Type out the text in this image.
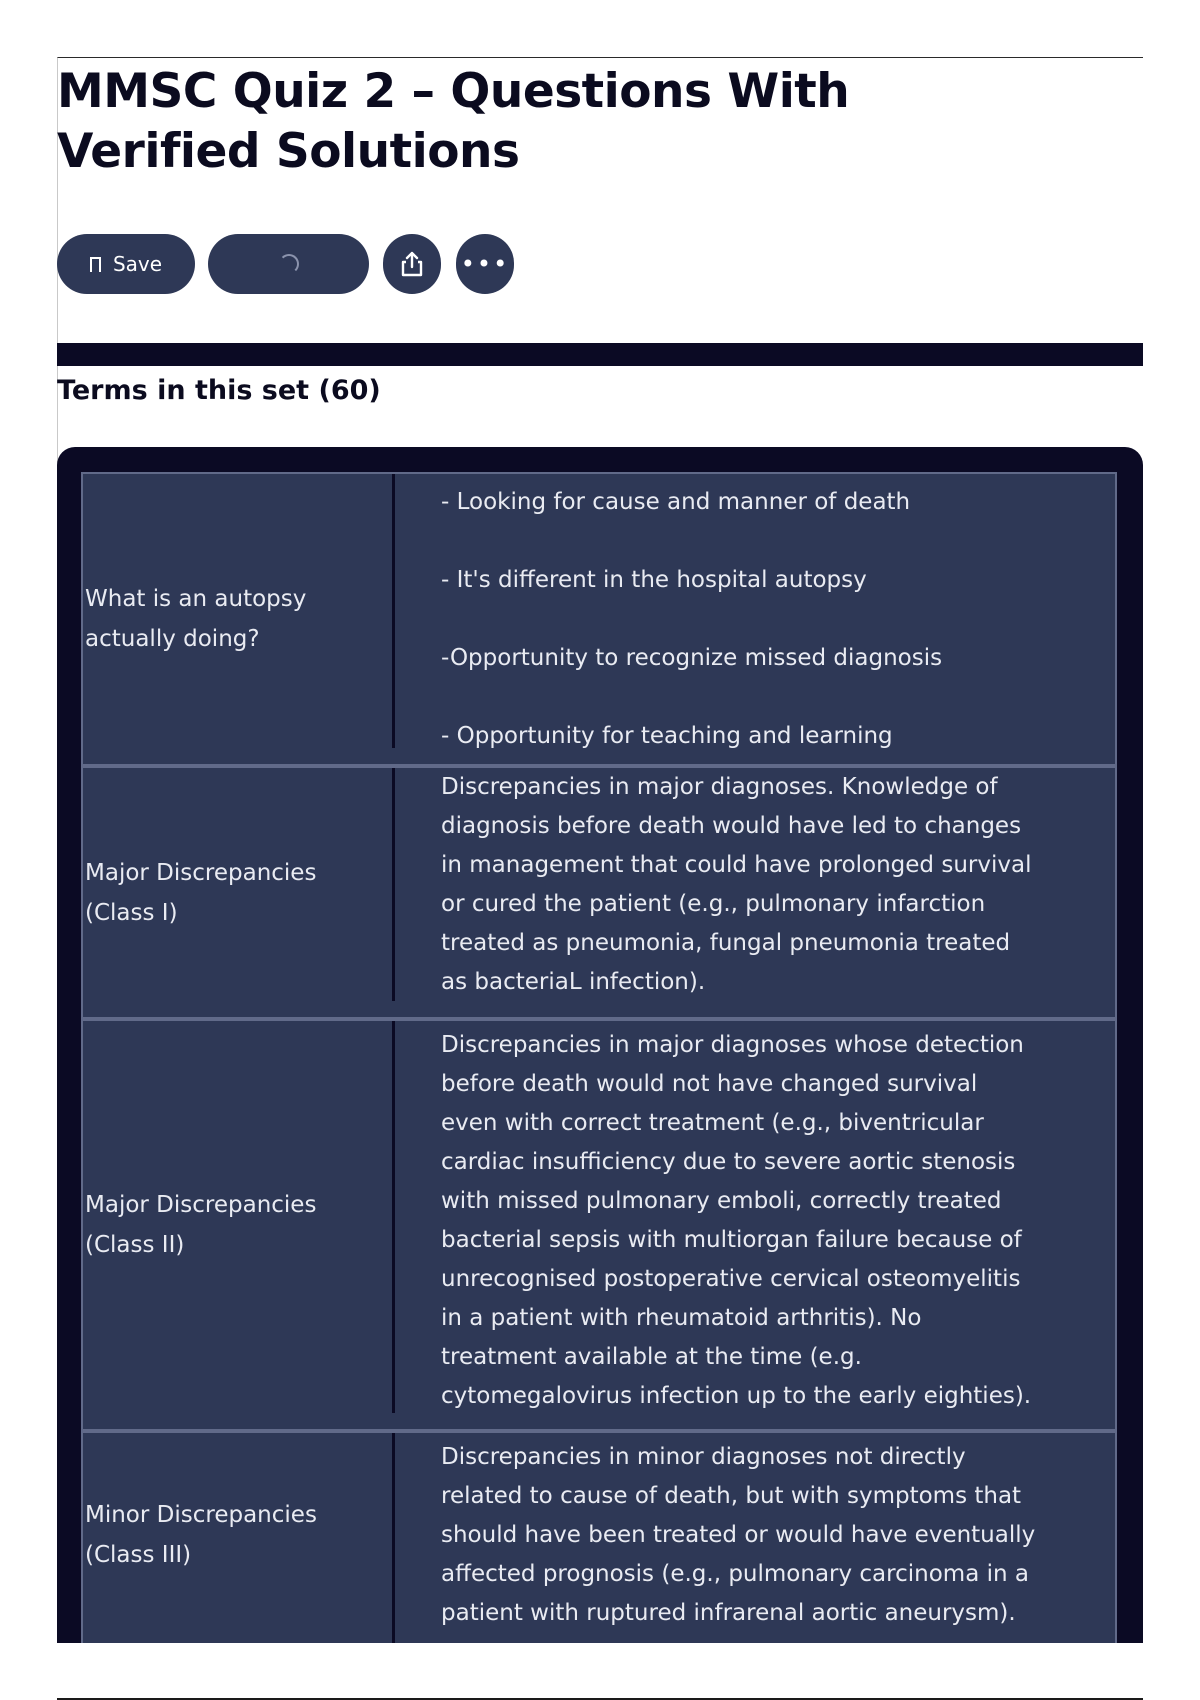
MMSC Quiz 2 – Questions With Verified Solutions
Save	•••
Terms in this set (60)
What is an autopsy actually doing?
- Looking for cause and manner of death

- It's different in the hospital autopsy

-Opportunity to recognize missed diagnosis

- Opportunity for teaching and learning
Major Discrepancies (Class I)
Discrepancies in major diagnoses. Knowledge of diagnosis before death would have led to changes in management that could have prolonged survival or cured the patient (e.g., pulmonary infarction treated as pneumonia, fungal pneumonia treated as bacteriaL infection).
Major Discrepancies (Class II)
Discrepancies in major diagnoses whose detection before death would not have changed survival even with correct treatment (e.g., biventricular cardiac insufficiency due to severe aortic stenosis with missed pulmonary emboli, correctly treated bacterial sepsis with multiorgan failure because of unrecognised postoperative cervical osteomyelitis in a patient with rheumatoid arthritis). No treatment available at the time (e.g. cytomegalovirus infection up to the early eighties).
Minor Discrepancies (Class III)
Discrepancies in minor diagnoses not directly related to cause of death, but with symptoms that should have been treated or would have eventually affected prognosis (e.g., pulmonary carcinoma in a patient with ruptured infrarenal aortic aneurysm).
